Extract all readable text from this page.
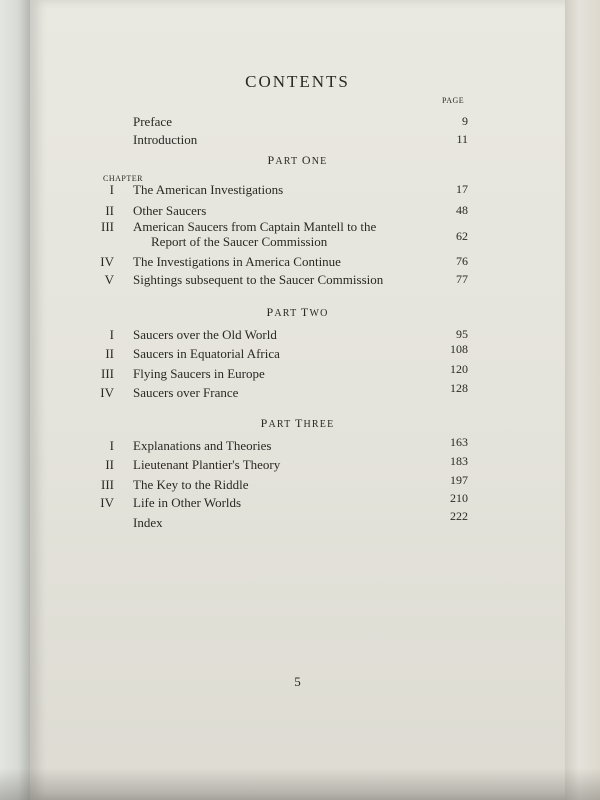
CONTENTS
PAGE
Preface	9
Introduction	11
PART ONE
CHAPTER
I The American Investigations	17
II Other Saucers	48
III American Saucers from Captain Mantell to the
Report of the Saucer Commission	62
IV The Investigations in America Continue	76
V Sightings subsequent to the Saucer Commission	77
PART TWO
I Saucers over the Old World	95
II Saucers in Equatorial Africa	108
III Flying Saucers in Europe	120
IV Saucers over France	128
PART THREE
I Explanations and Theories	163
II Lieutenant Plantier's Theory	183
III The Key to the Riddle	197
IV Life in Other Worlds	210
Index	222
5
